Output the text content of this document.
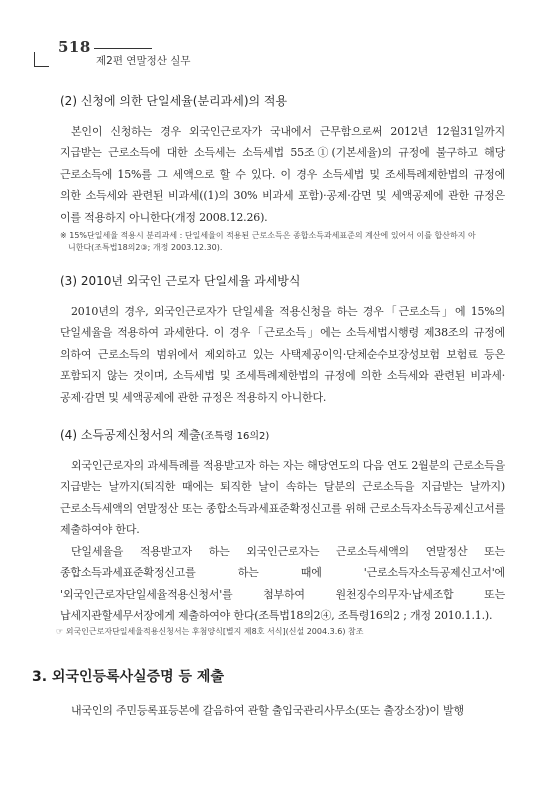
518
제2편 연말정산 실무
(2) 신청에 의한 단일세율(분리과세)의 적용

본인이 신청하는 경우 외국인근로자가 국내에서 근무함으로써 2012년 12월31일까지 지급받는 근로소득에 대한 소득세는 소득세법 55조①(기본세율)의 규정에 불구하고 해당 근로소득에 15%를 그 세액으로 할 수 있다. 이 경우 소득세법 및 조세특례제한법의 규정에 의한 소득세와 관련된 비과세((1)의 30% 비과세 포함)·공제·감면 및 세액공제에 관한 규정은 이를 적용하지 아니한다(개정 2008.12.26).

※ 15%단일세율 적용시 분리과세 : 단일세율이 적용된 근로소득은 종합소득과세표준의 계산에 있어서 이를 합산하지 아

니한다(조특법18의2③; 개정 2003.12.30).

(3) 2010년 외국인 근로자 단일세율 과세방식

2010년의 경우, 외국인근로자가 단일세율 적용신청을 하는 경우「근로소득」에 15%의 단일세율을 적용하여 과세한다. 이 경우「근로소득」에는 소득세법시행령 제38조의 규정에 의하여 근로소득의 범위에서 제외하고 있는 사택제공이익·단체순수보장성보험 보험료 등은 포함되지 않는 것이며, 소득세법 및 조세특례제한법의 규정에 의한 소득세와 관련된 비과세·공제·감면 및 세액공제에 관한 규정은 적용하지 아니한다.

(4) 소득공제신청서의 제출(조특령 16의2)

외국인근로자의 과세특례를 적용받고자 하는 자는 해당연도의 다음 연도 2월분의 근로소득을 지급받는 날까지(퇴직한 때에는 퇴직한 날이 속하는 달분의 근로소득을 지급받는 날까지)근로소득세액의 연말정산 또는 종합소득과세표준확정신고를 위해 근로소득자소득공제신고서를 제출하여야 한다.

단일세율을 적용받고자 하는 외국인근로자는 근로소득세액의 연말정산 또는 종합소득과세표준확정신고를 하는 때에 '근로소득자소득공제신고서'에 '외국인근로자단일세율적용신청서'를 첨부하여 원천징수의무자·납세조합 또는 납세지관할세무서장에게 제출하여야 한다(조특법18의2④, 조특령16의2 ; 개정 2010.1.1.).

☞ 외국인근로자단일세율적용신청서는 후첨양식[별지 제8호 서식](신설 2004.3.6) 참조

3. 외국인등록사실증명 등 제출

내국인의 주민등록표등본에 갈음하여 관할 출입국관리사무소(또는 출장소장)이 발행
